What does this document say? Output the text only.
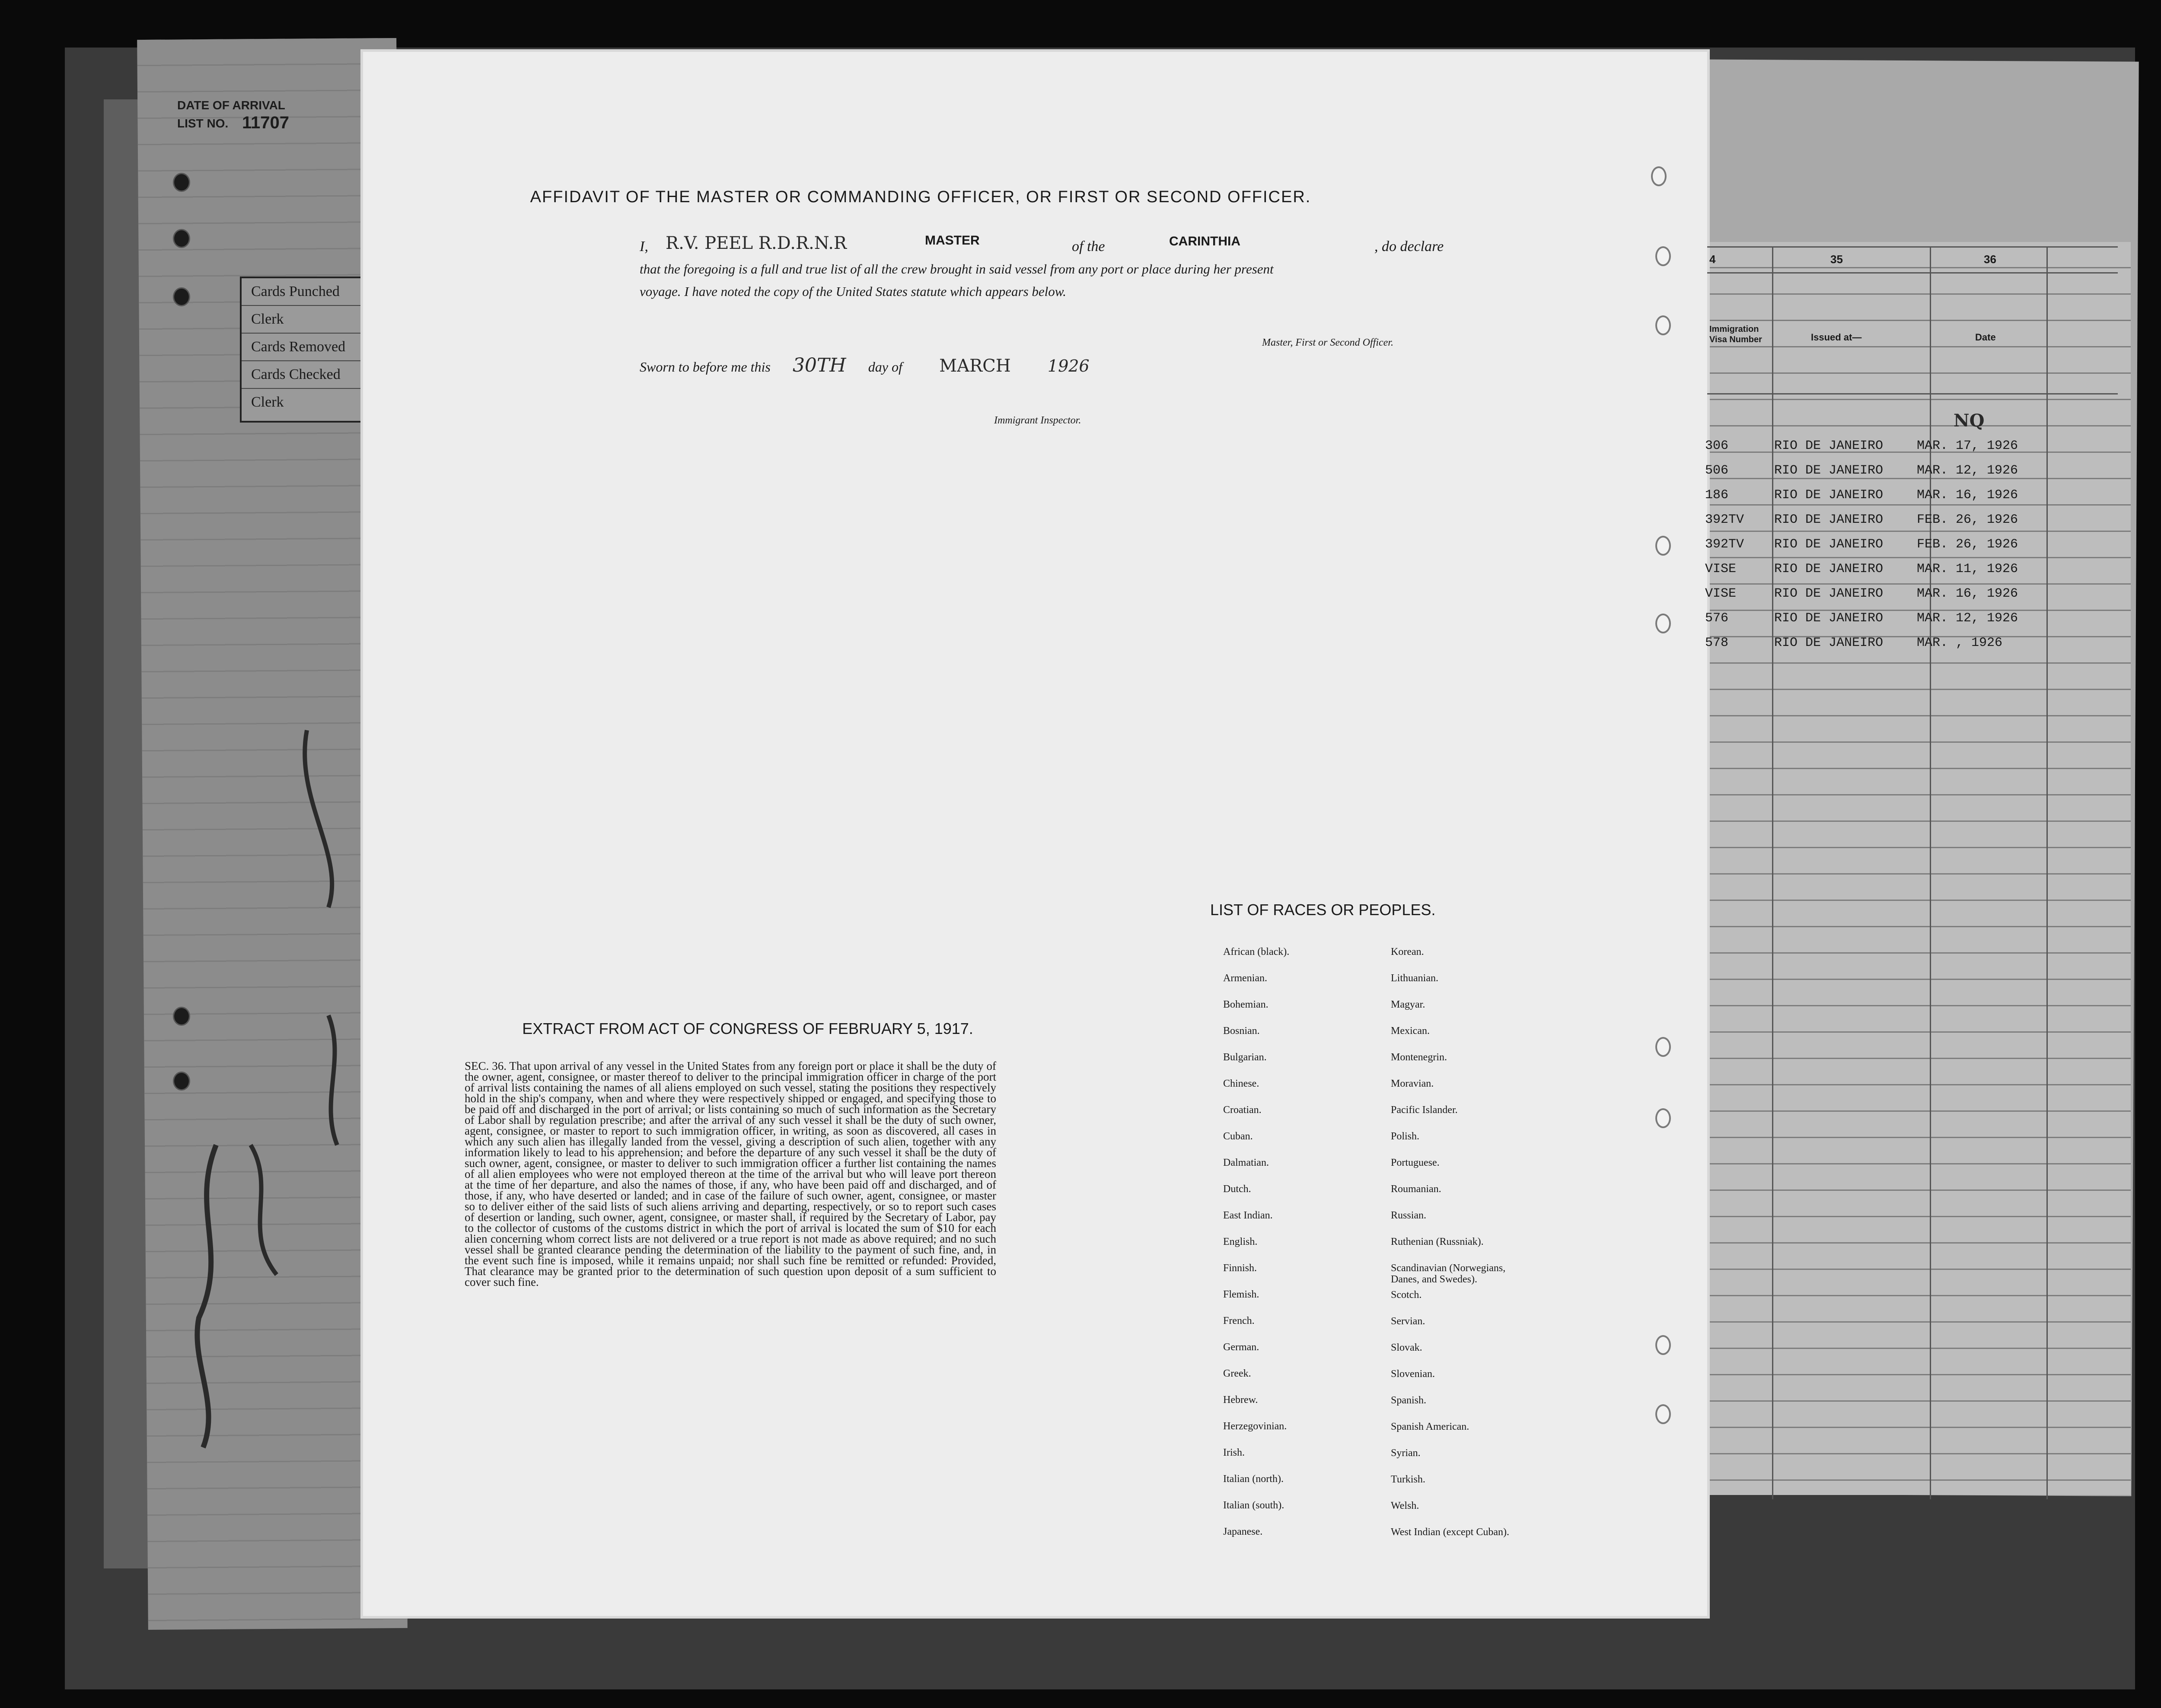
DATE OF ARRIVAL
LIST NO. 11707
Cards Punched
Clerk
Cards Removed
Cards Checked
Clerk
AFFIDAVIT OF THE MASTER OR COMMANDING OFFICER, OR FIRST OR SECOND OFFICER.
I, R.V. PEEL R.D.R.N.R	MASTER	of the	CARINTHIA	, do declare
that the foregoing is a full and true list of all the crew brought in said vessel from any port or place during her present
voyage. I have noted the copy of the United States statute which appears below.
Master, First or Second Officer.
Sworn to before me this 30TH day of MARCH 1926
Immigrant Inspector.
EXTRACT FROM ACT OF CONGRESS OF FEBRUARY 5, 1917.
SEC. 36. That upon arrival of any vessel in the United States from any foreign port or place it shall be the duty of the owner, agent, consignee, or master thereof to deliver to the principal immigration officer in charge of the port of arrival lists containing the names of all aliens employed on such vessel, stating the positions they respectively hold in the ship's company, when and where they were respectively shipped or engaged, and specifying those to be paid off and discharged in the port of arrival; or lists containing so much of such information as the Secretary of Labor shall by regulation prescribe; and after the arrival of any such vessel it shall be the duty of such owner, agent, consignee, or master to report to such immigration officer, in writing, as soon as discovered, all cases in which any such alien has illegally landed from the vessel, giving a description of such alien, together with any information likely to lead to his apprehension; and before the departure of any such vessel it shall be the duty of such owner, agent, consignee, or master to deliver to such immigration officer a further list containing the names of all alien employees who were not employed thereon at the time of the arrival but who will leave port thereon at the time of her departure, and also the names of those, if any, who have been paid off and discharged, and of those, if any, who have deserted or landed; and in case of the failure of such owner, agent, consignee, or master so to deliver either of the said lists of such aliens arriving and departing, respectively, or so to report such cases of desertion or landing, such owner, agent, consignee, or master shall, if required by the Secretary of Labor, pay to the collector of customs of the customs district in which the port of arrival is located the sum of $10 for each alien concerning whom correct lists are not delivered or a true report is not made as above required; and no such vessel shall be granted clearance pending the determination of the liability to the payment of such fine, and, in the event such fine is imposed, while it remains unpaid; nor shall such fine be remitted or refunded: Provided, That clearance may be granted prior to the determination of such question upon deposit of a sum sufficient to cover such fine.
LIST OF RACES OR PEOPLES.
African (black).
Armenian.
Bohemian.
Bosnian.
Bulgarian.
Chinese.
Croatian.
Cuban.
Dalmatian.
Dutch.
East Indian.
English.
Finnish.
Flemish.
French.
German.
Greek.
Hebrew.
Herzegovinian.
Irish.
Italian (north).
Italian (south).
Japanese.
Korean.
Lithuanian.
Magyar.
Mexican.
Montenegrin.
Moravian.
Pacific Islander.
Polish.
Portuguese.
Roumanian.
Russian.
Ruthenian (Russniak).
Scandinavian (Norwegians, Danes, and Swedes).
Scotch.
Servian.
Slovak.
Slovenian.
Spanish.
Spanish American.
Syrian.
Turkish.
Welsh.
West Indian (except Cuban).
4	35	36
Immigration Visa Number	Issued at—	Date
NQ
306	RIO DE JANEIRO	MAR. 17, 1926
506	RIO DE JANEIRO	MAR. 12, 1926
186	RIO DE JANEIRO	MAR. 16, 1926
392TV RIO DE JANEIRO	FEB. 26, 1926
392TV RIO DE JANEIRO	FEB. 26, 1926
VISE	RIO DE JANEIRO	MAR. 11, 1926
VISE	RIO DE JANEIRO	MAR. 16, 1926
576	RIO DE JANEIRO	MAR. 12, 1926
578	RIO DE JANEIRO	MAR. , 1926
